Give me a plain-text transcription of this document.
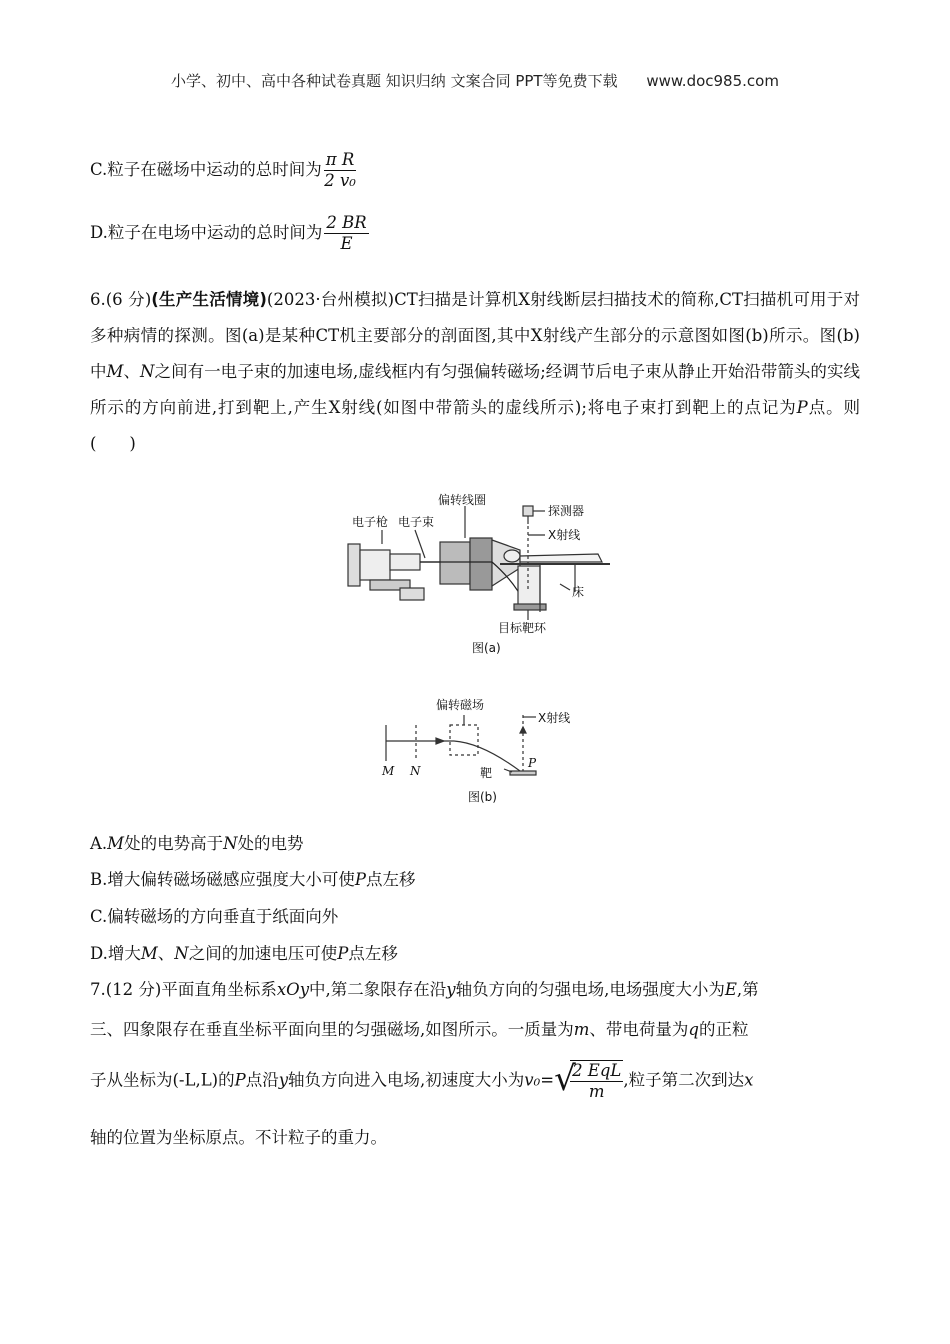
小学、初中、高中各种试卷真题 知识归纳 文案合同 PPT等免费下载 www.doc985.com
C.粒子在磁场中运动的总时间为 $\frac{\text{π R}}{\text{2 v₀}}$
D.粒子在电场中运动的总时间为 $\frac{2 BR}{E}$
6.(6 分)(生产生活情境)(2023·台州模拟)CT扫描是计算机X射线断层扫描技术的简称,CT扫描机可用于对多种病情的探测。图(a)是某种CT机主要部分的剖面图,其中X射线产生部分的示意图如图(b)所示。图(b)中M、N之间有一电子束的加速电场,虚线框内有匀强偏转磁场;经调节后电子束从静止开始沿带箭头的实线所示的方向前进,打到靶上,产生X射线(如图中带箭头的虚线所示);将电子束打到靶上的点记为P点。则　(　　)
电子枪 电子束
偏转线圈
探测器
X射线
床
目标靶环
图(a)
偏转磁场
X射线
M N	靶
P
图(b)
A.M处的电势高于N处的电势
B.增大偏转磁场磁感应强度大小可使P点左移
C.偏转磁场的方向垂直于纸面向外
D.增大M、N之间的加速电压可使P点左移
7.(12 分)平面直角坐标系xOy中,第二象限存在沿y轴负方向的匀强电场,电场强度大小为E,第
三、四象限存在垂直坐标平面向里的匀强磁场,如图所示。一质量为m、带电荷量为q的正粒
子从坐标为(-L,L)的P点沿y轴负方向进入电场,初速度大小为v₀= √
$\frac{\text{2 EqL}}{m}$ ,粒子第二次到达x
轴的位置为坐标原点。不计粒子的重力。
